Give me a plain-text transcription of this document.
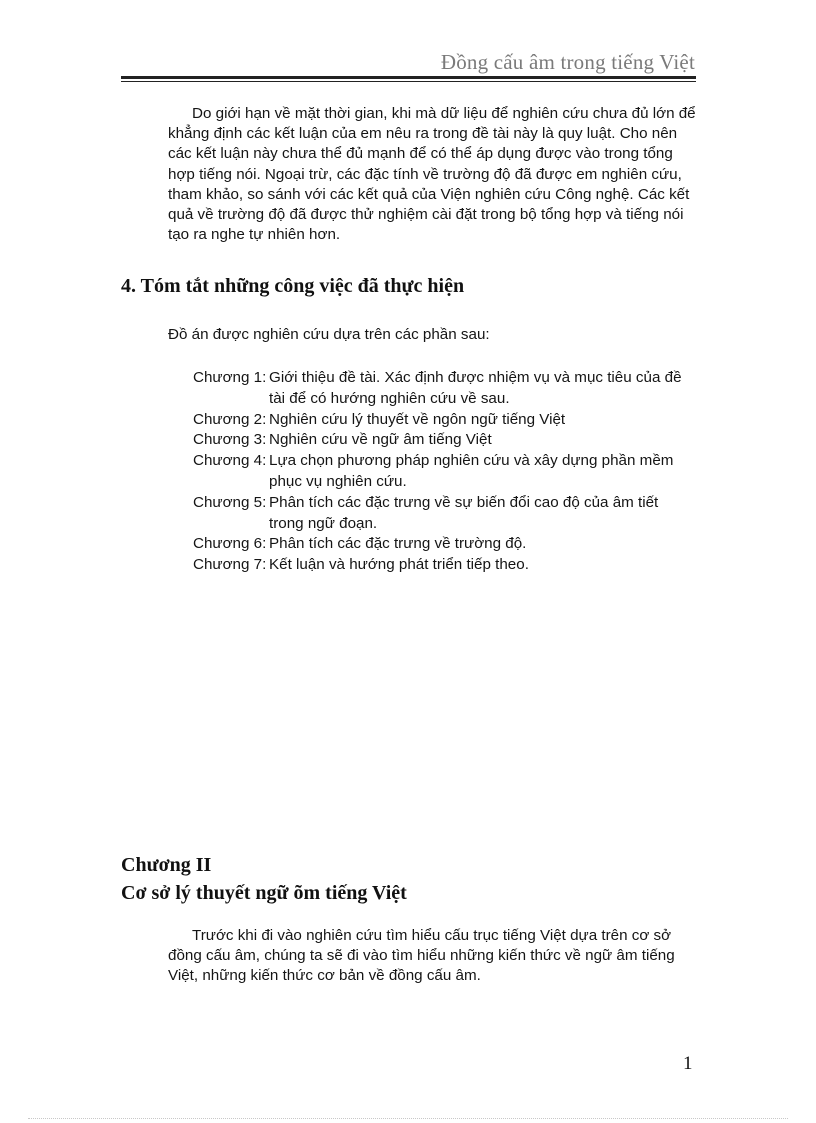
Đồng cấu âm trong tiếng Việt

Do giới hạn về mặt thời gian, khi mà dữ liệu để nghiên cứu chưa đủ lớn để khẳng định các kết luận của em nêu ra trong đề tài này là quy luật. Cho nên các kết luận này chưa thể đủ mạnh để có thể áp dụng được vào trong tổng hợp tiếng nói. Ngoại trừ, các đặc tính về trường độ đã được em nghiên cứu, tham khảo, so sánh với các kết quả của Viện nghiên cứu Công nghệ. Các kết quả về trường độ đã được thử nghiệm cài đặt trong bộ tổng hợp và tiếng nói tạo ra nghe tự nhiên hơn.

4. Tóm tắt những công việc đã thực hiện

Đồ án được nghiên cứu dựa trên các phần sau:

Chương 1: Giới thiệu đề tài. Xác định được nhiệm vụ và mục tiêu của đề tài để có hướng nghiên cứu về sau.
Chương 2: Nghiên cứu lý thuyết về ngôn ngữ tiếng Việt
Chương 3: Nghiên cứu về ngữ âm tiếng Việt
Chương 4: Lựa chọn phương pháp nghiên cứu và xây dựng phần mềm phục vụ nghiên cứu.
Chương 5: Phân tích các đặc trưng về sự biến đổi cao độ của âm tiết trong ngữ đoạn.
Chương 6: Phân tích các đặc trưng về trường độ.
Chương 7: Kết luận và hướng phát triển tiếp theo.
Chương II
Cơ sở lý thuyết ngữ õm tiếng Việt

Trước khi đi vào nghiên cứu tìm hiểu cấu trục tiếng Việt dựa trên cơ sở đồng cấu âm, chúng ta sẽ đi vào tìm hiểu những kiến thức về ngữ âm tiếng Việt, những kiến thức cơ bản về đồng cấu âm.

1
